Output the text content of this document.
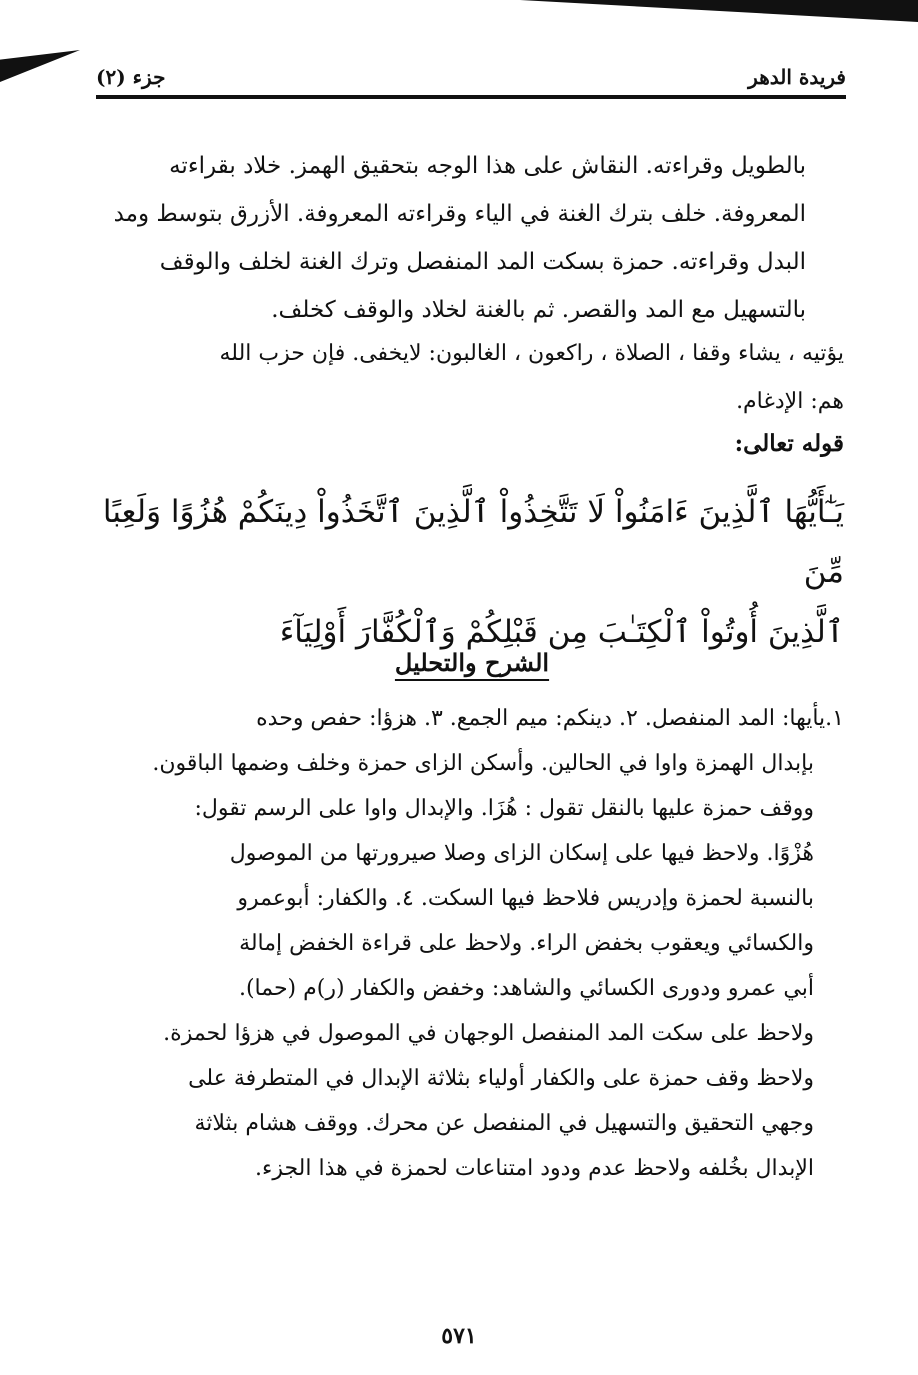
فريدة الدهر
جزء (٢)
بالطويل وقراءته. النقاش على هذا الوجه بتحقيق الهمز. خلاد بقراءته
المعروفة. خلف بترك الغنة في الياء وقراءته المعروفة. الأزرق بتوسط ومد
البدل وقراءته. حمزة بسكت المد المنفصل وترك الغنة لخلف والوقف
بالتسهيل مع المد والقصر. ثم بالغنة لخلاد والوقف كخلف.
يؤتيه ، يشاء وقفا ، الصلاة ، راكعون ، الغالبون: لايخفى. فإن حزب الله
هم: الإدغام.
قوله تعالى:
يَـٰٓأَيُّهَا ٱلَّذِينَ ءَامَنُواْ لَا تَتَّخِذُواْ ٱلَّذِينَ ٱتَّخَذُواْ دِينَكُمْ هُزُوًا وَلَعِبًا مِّنَ
ٱلَّذِينَ أُوتُواْ ٱلْكِتَـٰبَ مِن قَبْلِكُمْ وَٱلْكُفَّارَ أَوْلِيَآءَ
الشرح والتحليل
١.يأيها: المد المنفصل. ٢. دينكم: ميم الجمع. ٣. هزؤا: حفص وحده
بإبدال الهمزة واوا في الحالين. وأسكن الزاى حمزة وخلف وضمها الباقون.
ووقف حمزة عليها بالنقل تقول : هُزَا. والإبدال واوا على الرسم تقول:
هُزْوًا. ولاحظ فيها على إسكان الزاى وصلا صيرورتها من الموصول
بالنسبة لحمزة وإدريس فلاحظ فيها السكت. ٤. والكفار: أبوعمرو
والكسائي ويعقوب بخفض الراء. ولاحظ على قراءة الخفض إمالة
أبي عمرو ودورى الكسائي والشاهد: وخفض والكفار (ر)م (حما).
ولاحظ على سكت المد المنفصل الوجهان في الموصول في هزؤا لحمزة.
ولاحظ وقف حمزة على والكفار أولياء بثلاثة الإبدال في المتطرفة على
وجهي التحقيق والتسهيل في المنفصل عن محرك. ووقف هشام بثلاثة
الإبدال بخُلفه ولاحظ عدم ودود امتناعات لحمزة في هذا الجزء.
٥٧١
